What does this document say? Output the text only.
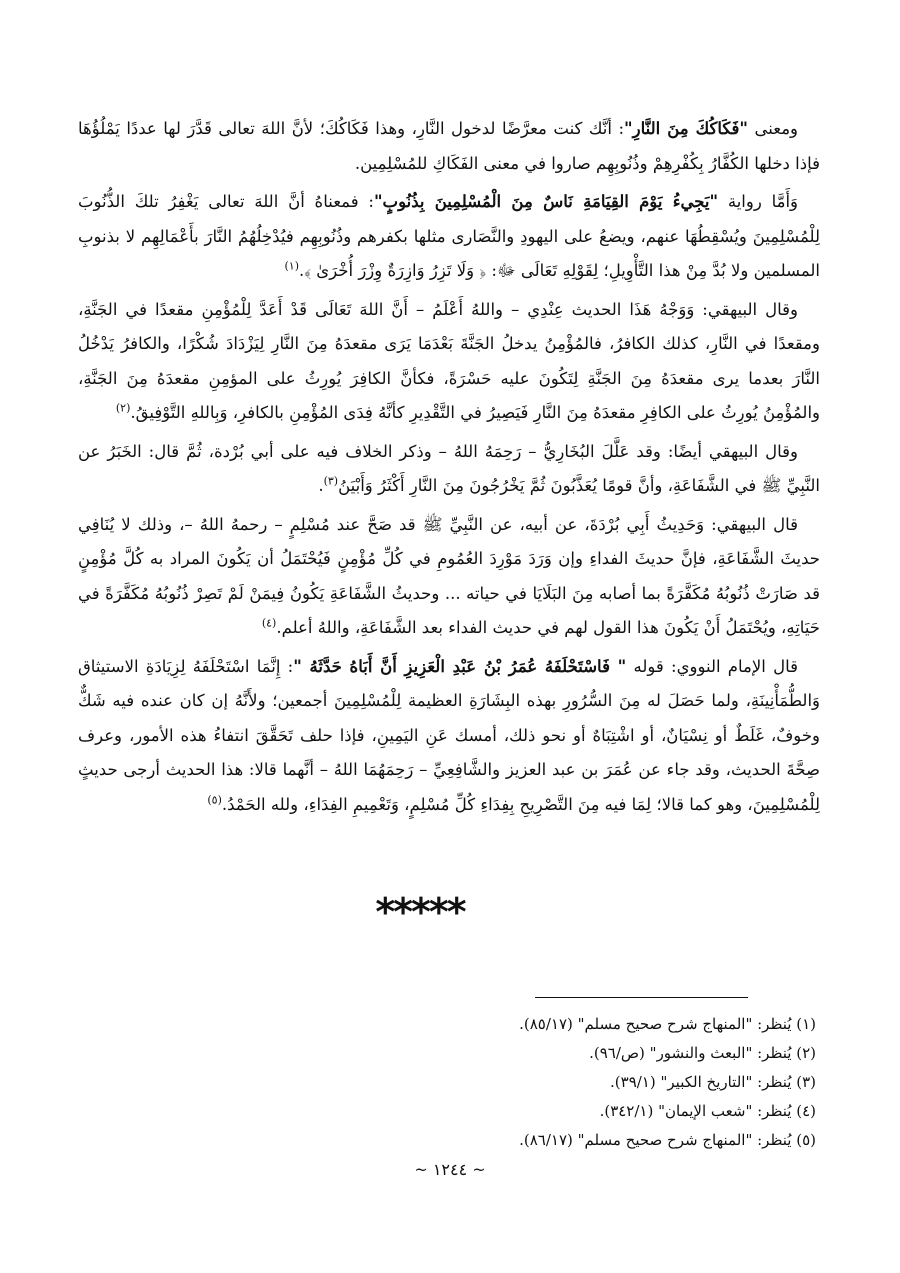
ومعنى "فَكَاكُكَ مِنَ النَّارِ": أنَّك كنت معرَّضًا لدخول النَّارِ، وهذا فَكَاكُكَ؛ لأنَّ اللهَ تعالى قَدَّرَ لها عددًا يَمْلُؤُهَا فإذا دخلها الكُفَّارُ بِكُفْرِهِمْ وذُنُوبِهِم صاروا في معنى الفَكَاكِ للمُسْلِمِين.

وَأَمَّا رواية "يَجِيءُ يَوْمَ القِيَامَةِ نَاسٌ مِنَ الْمُسْلِمِينَ بِذُنُوبٍ": فمعناهُ أنَّ اللهَ تعالى يَغْفِرُ تلكَ الذُّنُوبَ لِلْمُسْلِمِينَ ويُسْقِطُهَا عنهم، ويضعُ على اليهودِ والنَّصَارى مثلها بكفرهم وذُنُوبِهِم فيُدْخِلُهُمُ النَّارَ بأَعْمَالِهِم لا بذنوبِ المسلمين ولا بُدَّ مِنْ هذا التَّأْوِيلِ؛ لِقَوْلِهِ تَعَالَى ﷻ: ﴿ وَلَا تَزِرُ وَازِرَةٌ وِزْرَ أُخْرَىٰ ﴾.$^{(١)}$

وقال البيهقي: وَوَجْهُ هَذَا الحديث عِنْدِي – واللهُ أَعْلَمُ – أَنَّ اللهَ تَعَالَى قَدْ أَعَدَّ لِلْمُؤْمِنِ مقعدًا في الجَنَّةِ، ومقعدًا في النَّارِ، كذلك الكافرُ، فالمُؤْمِنُ يدخلُ الجَنَّةَ بَعْدَمَا يَرَى مقعدَهُ مِنَ النَّارِ لِيَزْدَادَ شُكْرًا، والكافرُ يَدْخُلُ النَّارَ بعدما يرى مقعدَهُ مِنَ الجَنَّةِ لِتَكُونَ عليه حَسْرَةً، فكأنَّ الكافِرَ يُورِثُ على المؤمِنِ مقعدَهُ مِنَ الجَنَّةِ، والمُؤْمِنُ يُورِثُ على الكافِرِ مقعدَهُ مِنَ النَّارِ فَيَصِيرُ في التَّقْدِيرِ كأنَّهُ فِدَى المُؤْمِنِ بالكافرِ، وَبِاللهِ التَّوْفِيقُ.$^{(٢)}$

وقال البيهقي أيضًا: وقد عَلَّلَ البُخَارِيُّ – رَحِمَهُ اللهُ – وذكر الخلاف فيه على أبي بُرْدة، ثُمَّ قال: الخَبَرُ عن النَّبِيِّ ﷺ في الشَّفَاعَةِ، وأنَّ قومًا يُعَذَّبُونَ ثُمَّ يَخْرُجُونَ مِنَ النَّارِ أَكْثَرُ وَأَبْيَنُ$^{(٣)}$.

قال البيهقي: وَحَدِيثُ أَبِي بُرْدَةَ، عن أبيه، عن النَّبِيِّ ﷺ قد صَحَّ عند مُسْلِمٍ – رحمهُ اللهُ –، وذلك لا يُنَافِي حديثَ الشَّفَاعَةِ، فإنَّ حديثَ الفداءِ وإن وَرَدَ مَوْرِدَ العُمُومِ في كُلِّ مُؤْمِنٍ فَيُحْتَمَلُ أن يَكُونَ المراد به كُلَّ مُؤْمِنٍ قد صَارَتْ ذُنُوبُهُ مُكَفَّرَةً بما أصابه مِنَ البَلَايَا في حياته ... وحديثُ الشَّفَاعَةِ يَكُونُ فِيمَنْ لَمْ تَصِرْ ذُنُوبُهُ مُكَفَّرَةً في حَيَاتِهِ، ويُحْتَمَلُ أَنْ يَكُونَ هذا القول لهم في حديث الفداء بعد الشَّفَاعَةِ، واللهُ أعلم.$^{(٤)}$

قال الإمام النووي: قوله " فَاسْتَحْلَفَهُ عُمَرُ بْنُ عَبْدِ الْعَزِيزِ أَنَّ أَبَاهُ حَدَّثَهُ ": إِنَّمَا اسْتَحْلَفَهُ لِزِيَادَةِ الاستيثاق وَالطُّمَأْنِينَةِ، ولما حَصَلَ له مِنَ السُّرُورِ بهذه البِشَارَةِ العظيمة لِلْمُسْلِمِينَ أجمعين؛ ولأَنَّهُ إن كان عنده فيه شَكٌّ وخوفٌ، غَلَطٌ أو نِسْيَانٌ، أو اشْتِبَاهٌ أو نحو ذلك، أمسك عَنِ اليَمِينِ، فإذا حلف تَحَقَّقَ انتفاءُ هذه الأمور، وعرف صِحَّةَ الحديث، وقد جاء عن عُمَرَ بن عبد العزيز والشَّافِعِيِّ – رَحِمَهُمَا اللهُ – أنَّهما قالا: هذا الحديث أرجى حديثٍ لِلْمُسْلِمِينَ، وهو كما قالا؛ لِمَا فيه مِنَ التَّصْرِيحِ بِفِدَاءِ كُلِّ مُسْلِمٍ، وَتَعْمِيمِ الفِدَاءِ، ولله الحَمْدُ.$^{(٥)}$

*****
(١) يُنظر: "المنهاج شرح صحيح مسلم" (٨٥/١٧).
(٢) يُنظر: "البعث والنشور" (ص/٩٦).
(٣) يُنظر: "التاريخ الكبير" (٣٩/١).
(٤) يُنظر: "شعب الإيمان" (٣٤٢/١).
(٥) يُنظر: "المنهاج شرح صحيح مسلم" (٨٦/١٧).
~ ١٢٤٤ ~
